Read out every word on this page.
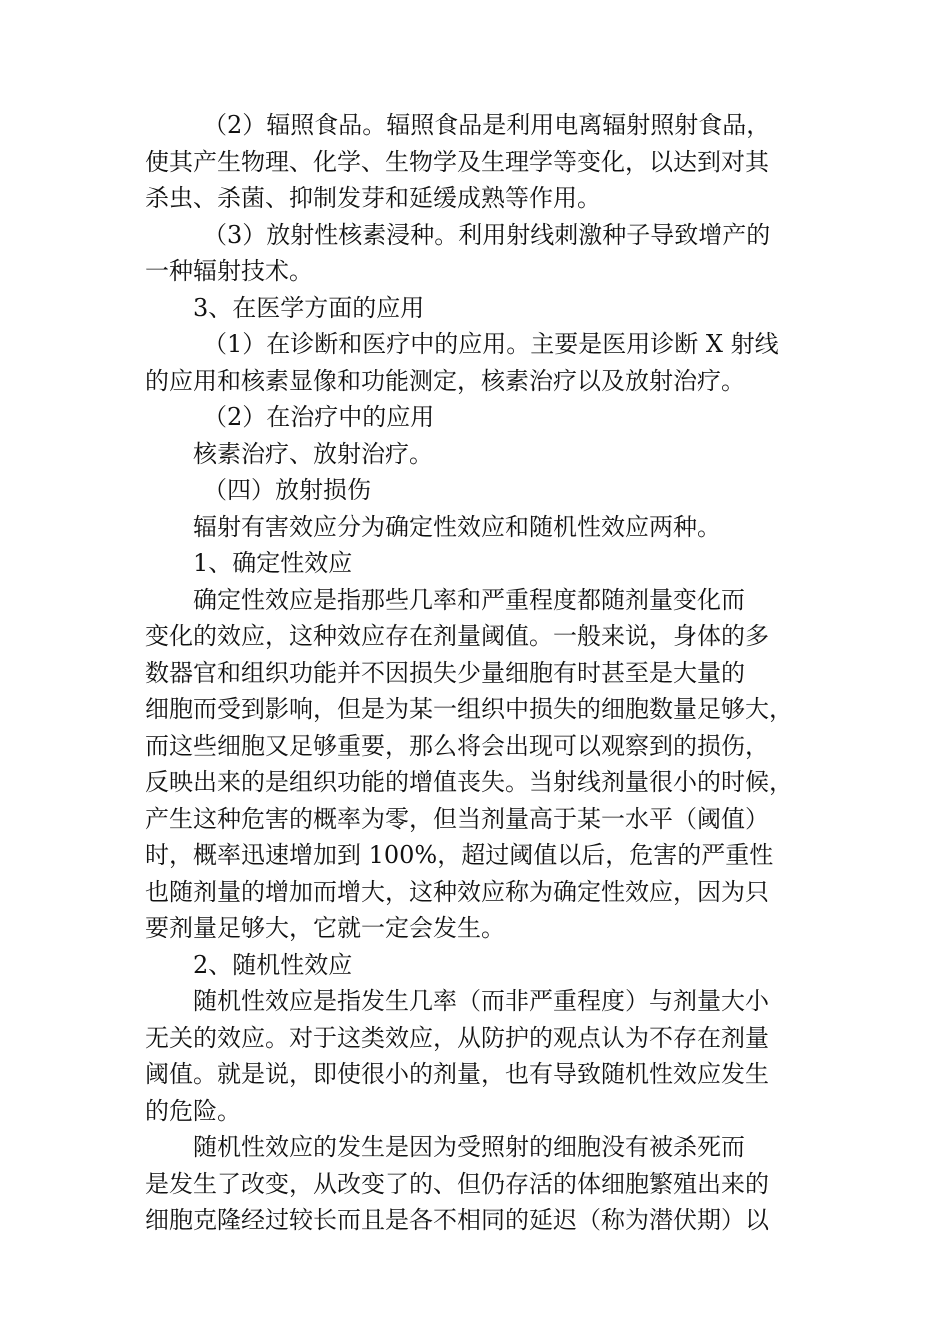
（2）辐照食品。辐照食品是利用电离辐射照射食品，
使其产生物理、化学、生物学及生理学等变化，以达到对其
杀虫、杀菌、抑制发芽和延缓成熟等作用。
（3）放射性核素浸种。利用射线刺激种子导致增产的
一种辐射技术。
3、在医学方面的应用
（1）在诊断和医疗中的应用。主要是医用诊断 X 射线
的应用和核素显像和功能测定，核素治疗以及放射治疗。
（2）在治疗中的应用
核素治疗、放射治疗。
（四）放射损伤
辐射有害效应分为确定性效应和随机性效应两种。
1、确定性效应
确定性效应是指那些几率和严重程度都随剂量变化而
变化的效应，这种效应存在剂量阈值。一般来说，身体的多
数器官和组织功能并不因损失少量细胞有时甚至是大量的
细胞而受到影响，但是为某一组织中损失的细胞数量足够大，
而这些细胞又足够重要，那么将会出现可以观察到的损伤，
反映出来的是组织功能的增值丧失。当射线剂量很小的时候，
产生这种危害的概率为零，但当剂量高于某一水平（阈值）
时，概率迅速增加到 100%，超过阈值以后，危害的严重性
也随剂量的增加而增大，这种效应称为确定性效应，因为只
要剂量足够大，它就一定会发生。
2、随机性效应
随机性效应是指发生几率（而非严重程度）与剂量大小
无关的效应。对于这类效应，从防护的观点认为不存在剂量
阈值。就是说，即使很小的剂量，也有导致随机性效应发生
的危险。
随机性效应的发生是因为受照射的细胞没有被杀死而
是发生了改变，从改变了的、但仍存活的体细胞繁殖出来的
细胞克隆经过较长而且是各不相同的延迟（称为潜伏期）以
